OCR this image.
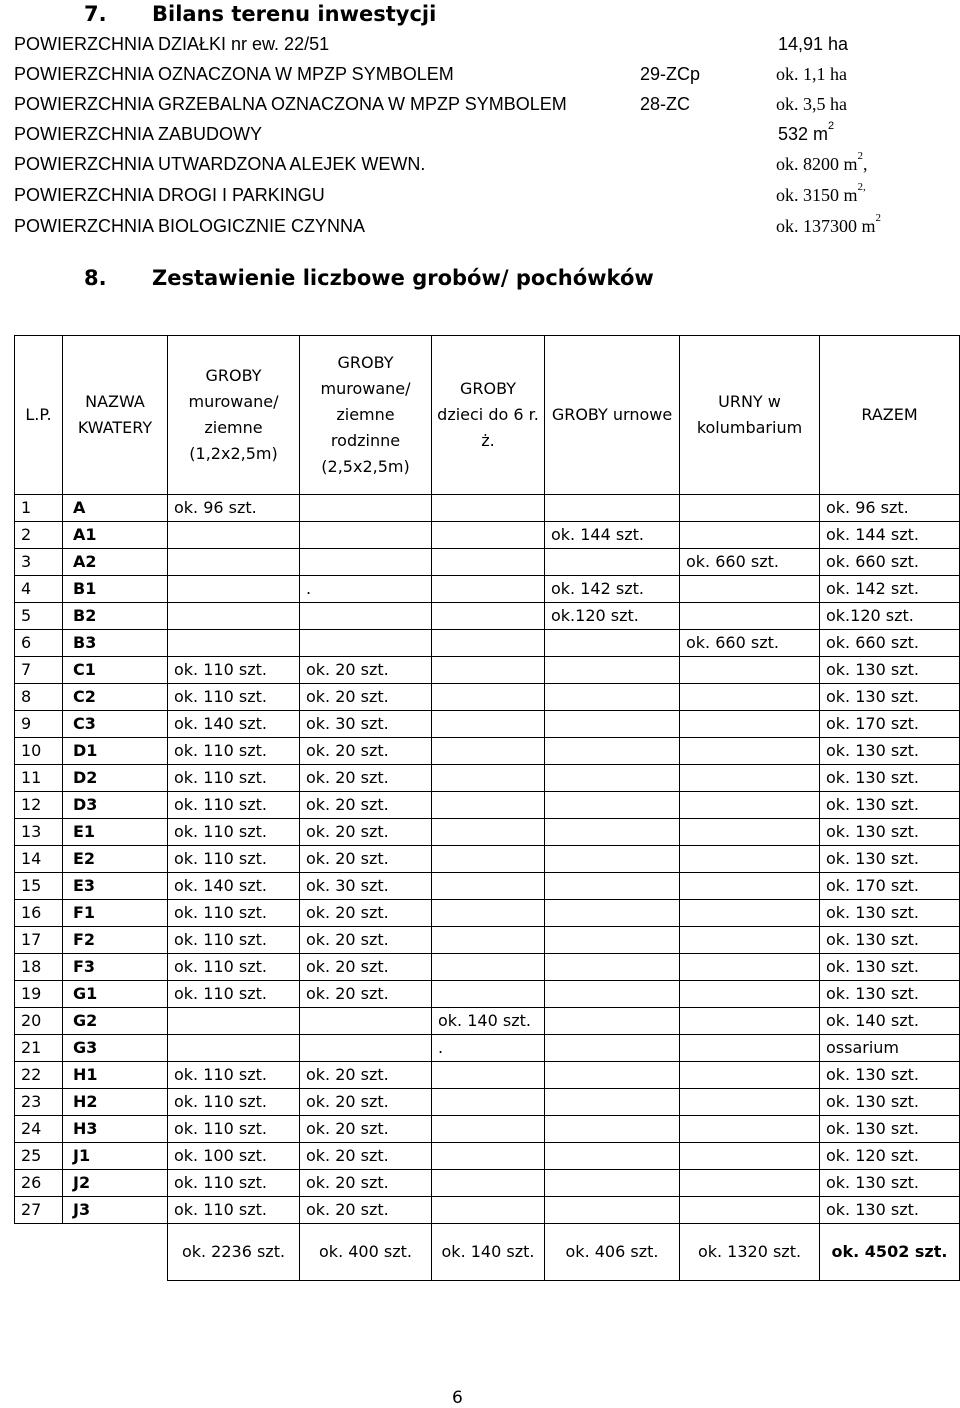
7. Bilans terenu inwestycji
POWIERZCHNIA DZIAŁKI nr ew. 22/51	14,91 ha
POWIERZCHNIA OZNACZONA W MPZP SYMBOLEM	29-ZCp	ok. 1,1 ha
POWIERZCHNIA GRZEBALNA OZNACZONA W MPZP SYMBOLEM	28-ZC	ok. 3,5 ha
POWIERZCHNIA ZABUDOWY	532 $m^2$
POWIERZCHNIA UTWARDZONA ALEJEK WEWN.	ok. 8200 $m^2$,
POWIERZCHNIA DROGI I PARKINGU	ok. 3150 $m^{2,}$
POWIERZCHNIA BIOLOGICZNIE CZYNNA	ok. 137300 $m^2$
8. Zestawienie liczbowe grobów/ pochówków
L.P.	NAZWA KWATERY	GROBY murowane/ ziemne (1,2x2,5m)	GROBY murowane/ ziemne rodzinne (2,5x2,5m)	GROBY dzieci do 6 r. ż.	GROBY urnowe	URNY w kolumbarium	RAZEM
1	A	ok. 96 szt.					ok. 96 szt.
2	A1				ok. 144 szt.		ok. 144 szt.
3	A2					ok. 660 szt.	ok. 660 szt.
4	B1		.		ok. 142 szt.		ok. 142 szt.
5	B2				ok.120 szt.		ok.120 szt.
6	B3					ok. 660 szt.	ok. 660 szt.
7	C1	ok. 110 szt.	ok. 20 szt.				ok. 130 szt.
8	C2	ok. 110 szt.	ok. 20 szt.				ok. 130 szt.
9	C3	ok. 140 szt.	ok. 30 szt.				ok. 170 szt.
10	D1	ok. 110 szt.	ok. 20 szt.				ok. 130 szt.
11	D2	ok. 110 szt.	ok. 20 szt.				ok. 130 szt.
12	D3	ok. 110 szt.	ok. 20 szt.				ok. 130 szt.
13	E1	ok. 110 szt.	ok. 20 szt.				ok. 130 szt.
14	E2	ok. 110 szt.	ok. 20 szt.				ok. 130 szt.
15	E3	ok. 140 szt.	ok. 30 szt.				ok. 170 szt.
16	F1	ok. 110 szt.	ok. 20 szt.				ok. 130 szt.
17	F2	ok. 110 szt.	ok. 20 szt.				ok. 130 szt.
18	F3	ok. 110 szt.	ok. 20 szt.				ok. 130 szt.
19	G1	ok. 110 szt.	ok. 20 szt.				ok. 130 szt.
20	G2			ok. 140 szt.			ok. 140 szt.
21	G3			.			ossarium
22	H1	ok. 110 szt.	ok. 20 szt.				ok. 130 szt.
23	H2	ok. 110 szt.	ok. 20 szt.				ok. 130 szt.
24	H3	ok. 110 szt.	ok. 20 szt.				ok. 130 szt.
25	J1	ok. 100 szt.	ok. 20 szt.				ok. 120 szt.
26	J2	ok. 110 szt.	ok. 20 szt.				ok. 130 szt.
27	J3	ok. 110 szt.	ok. 20 szt.				ok. 130 szt.
		ok. 2236 szt.	ok. 400 szt.	ok. 140 szt.	ok. 406 szt.	ok. 1320 szt.	ok. 4502 szt.
6
